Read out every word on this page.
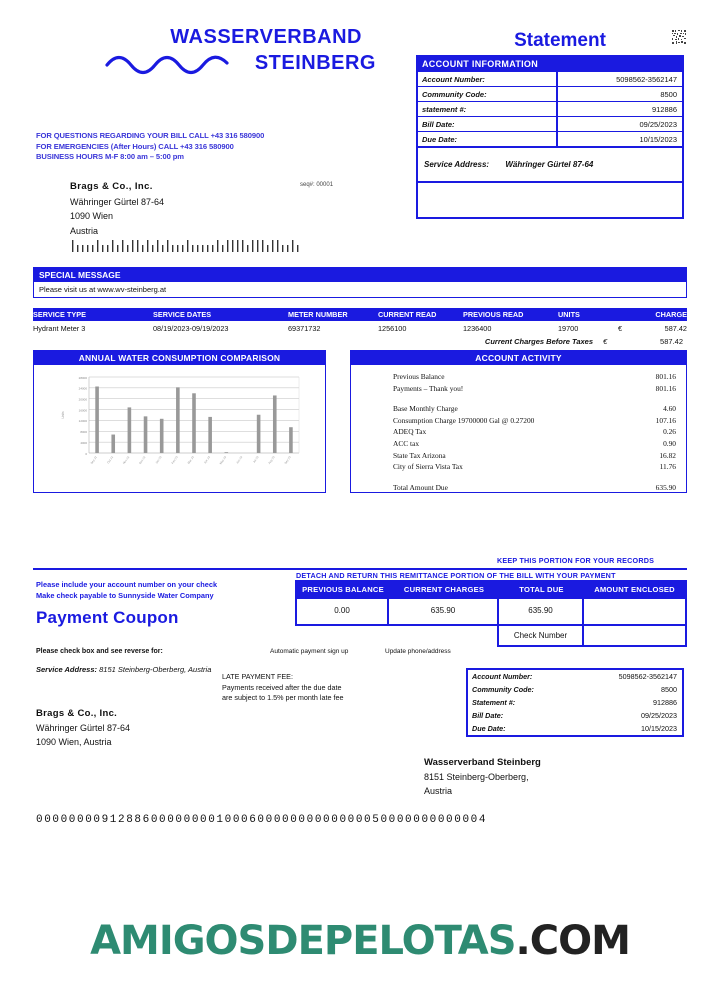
WASSERVERBAND
STEINBERG
Statement
ACCOUNT INFORMATION
Account Number:	5098562-3562147
Community Code:	8500
statement #:	912886
Bill Date:	09/25/2023
Due Date:	10/15/2023
Service Address: Währinger Gürtel 87-64
FOR QUESTIONS REGARDING YOUR BILL CALL +43 316 580900
FOR EMERGENCIES (After Hours) CALL +43 316 580900
BUSINESS HOURS M-F 8:00 am – 5:00 pm
Brags & Co., Inc.
Währinger Gürtel 87-64
1090 Wien
Austria
seq#: 00001
SPECIAL MESSAGE
Please visit us at www.wv-steinberg.at
SERVICE TYPE	SERVICE DATES	METER NUMBER	CURRENT READ	PREVIOUS READ	UNITS	CHARGE
Hydrant Meter 3	08/19/2023-09/19/2023	69371732	1256100	1236400	19700	€	587.42
Current Charges Before Taxes	€	587.42
ANNUAL WATER CONSUMPTION COMPARISON
0
4000
8000
12000
16000
20000
24000
28000
Sep 22	Oct 22	Nov 22	Dec 22	Jan 23	Feb 23	Mar 23	Apr 23	May 23	Jun 23	Jul 23	Aug 23	Sep 23
Units
ACCOUNT ACTIVITY
Previous Balance	801.16
Payments – Thank you!	801.16
Base Monthly Charge	4.60
Consumption Charge 19700000 Gal @ 0.27200	107.16
ADEQ Tax	0.26
ACC tax	0.90
State Tax Arizona	16.82
City of Sierra Vista Tax	11.76
Total Amount Due	635.90
KEEP THIS PORTION FOR YOUR RECORDS
DETACH AND RETURN THIS REMITTANCE PORTION OF THE BILL WITH YOUR PAYMENT
Please include your account number on your check
Make check payable to Sunnyside Water Company
Payment Coupon
Please check box and see reverse for:	Automatic payment sign up	Update phone/address
PREVIOUS BALANCE	CURRENT CHARGES	TOTAL DUE	AMOUNT ENCLOSED
0.00	635.90	635.90
Check Number
Service Address: 8151 Steinberg-Oberberg, Austria
LATE PAYMENT FEE:
Payments received after the due date
are subject to 1.5% per month late fee
Brags & Co., Inc.
Währinger Gürtel 87-64
1090 Wien, Austria
Account Number:	5098562-3562147
Community Code:	8500
Statement #:	912886
Bill Date:	09/25/2023
Due Date:	10/15/2023
Wasserverband Steinberg
8151 Steinberg-Oberberg,
Austria
0000000091288600000000100060000000000000050000000000004
AMIGOSDEPELOTAS.COM
